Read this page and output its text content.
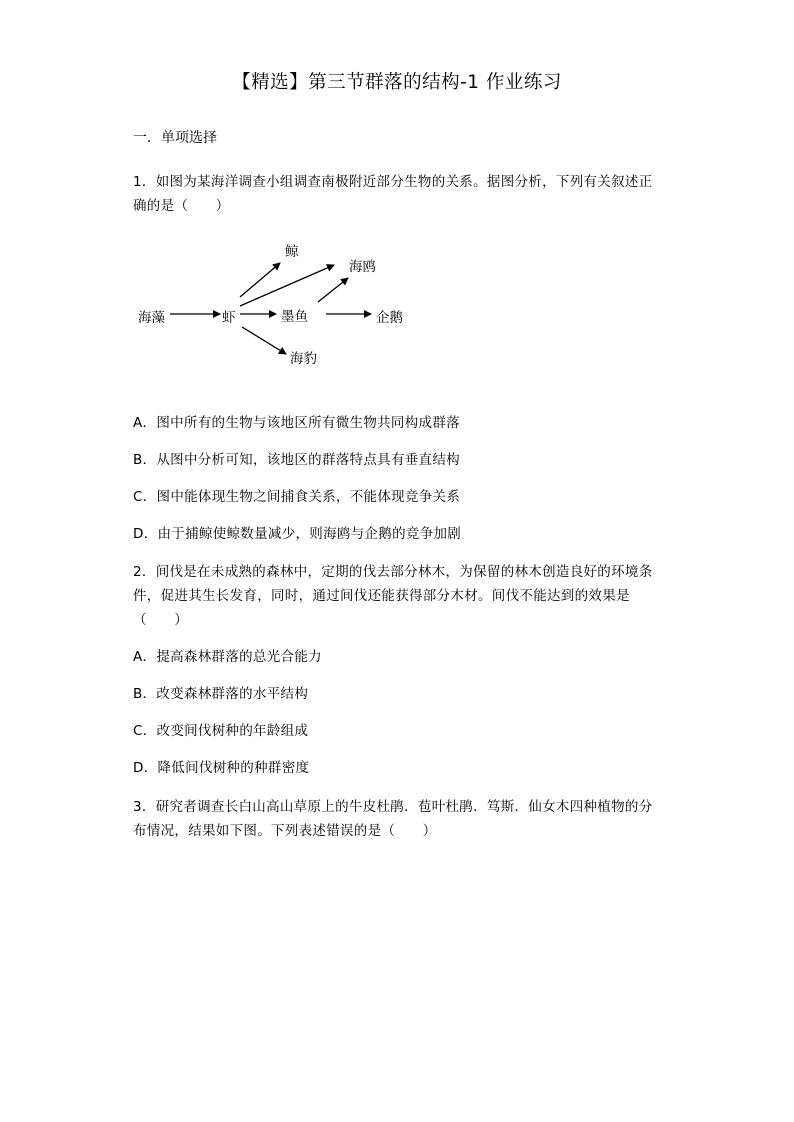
【精选】第三节群落的结构-1 作业练习
一．单项选择
1．如图为某海洋调查小组调查南极附近部分生物的关系。据图分析，下列有关叙述正确的是（　　）
海藻	虾
鲸
海鸥
墨鱼	企鹅
海豹
A．图中所有的生物与该地区所有微生物共同构成群落
B．从图中分析可知，该地区的群落特点具有垂直结构
C．图中能体现生物之间捕食关系，不能体现竞争关系
D．由于捕鲸使鲸数量减少，则海鸥与企鹅的竞争加剧
2．间伐是在未成熟的森林中，定期的伐去部分林木，为保留的林木创造良好的环境条件，促进其生长发育，同时，通过间伐还能获得部分木材。间伐不能达到的效果是（　　）
A．提高森林群落的总光合能力
B．改变森林群落的水平结构
C．改变间伐树种的年龄组成
D．降低间伐树种的种群密度
3．研究者调查长白山高山草原上的牛皮杜鹃．苞叶杜鹃．笃斯．仙女木四种植物的分布情况，结果如下图。下列表述错误的是（　　）
